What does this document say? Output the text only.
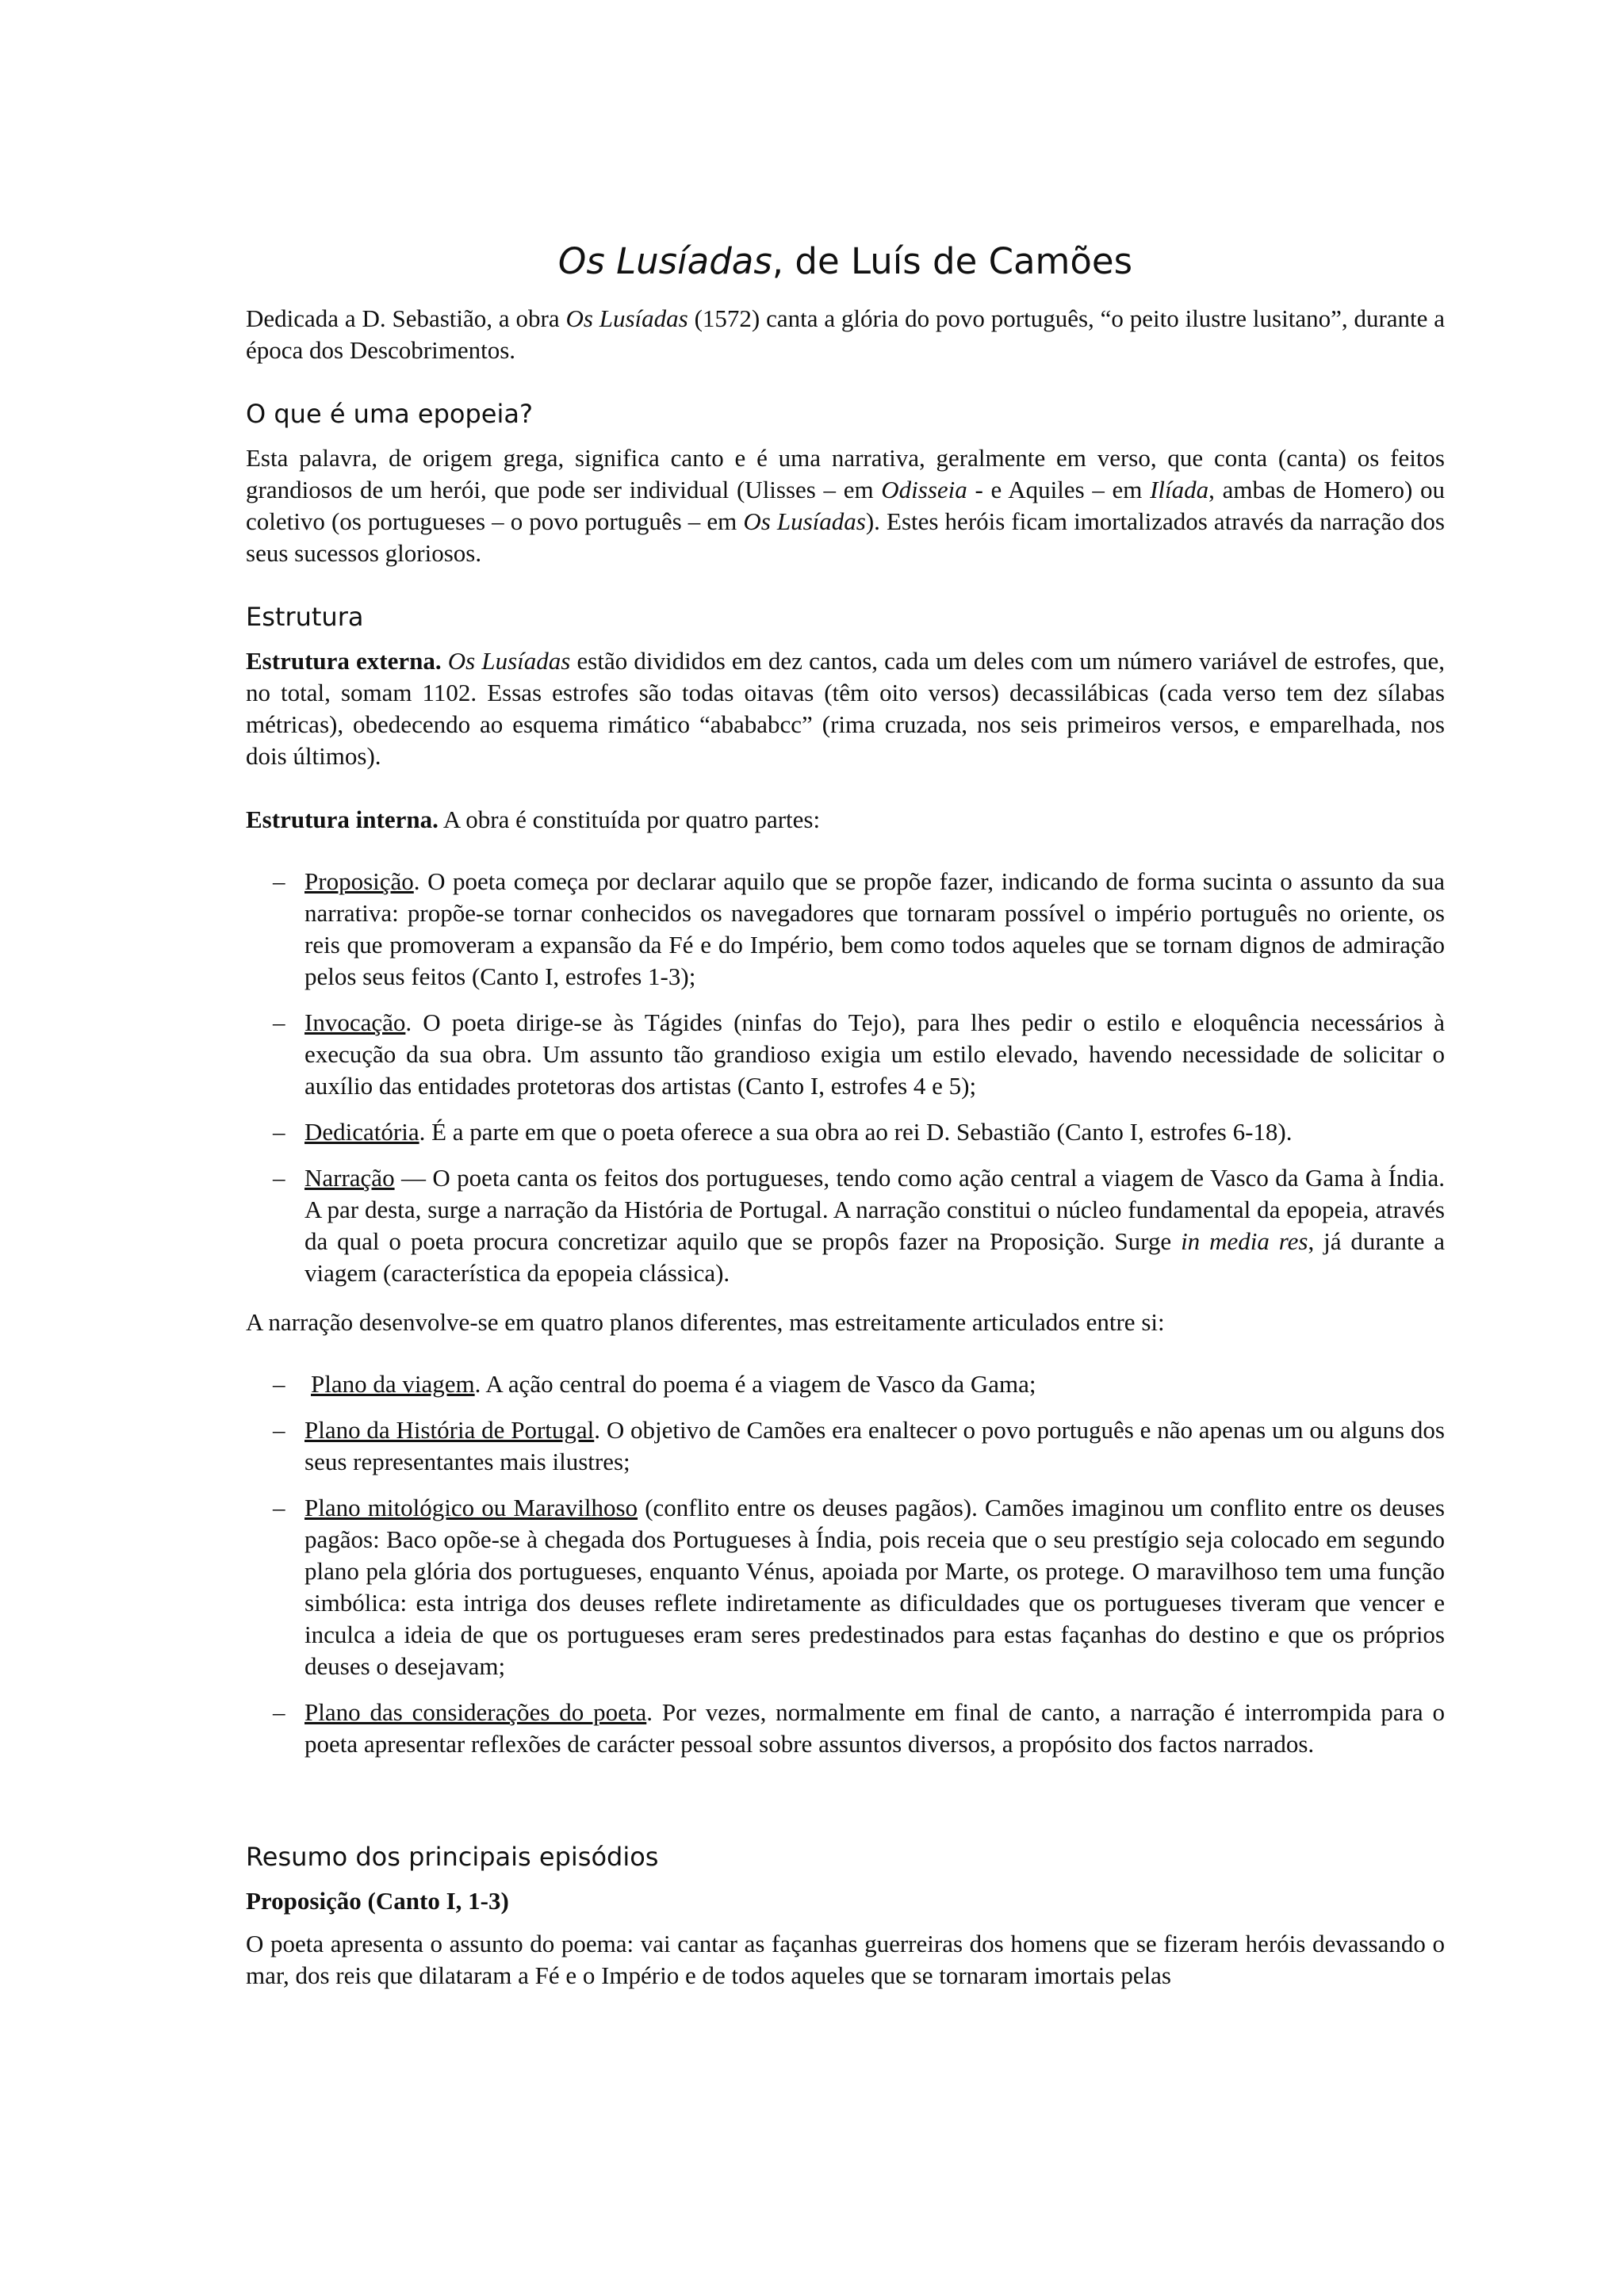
Os Lusíadas, de Luís de Camões

Dedicada a D. Sebastião, a obra Os Lusíadas (1572) canta a glória do povo português, “o peito ilustre lusitano”, durante a época dos Descobrimentos.

O que é uma epopeia?

Esta palavra, de origem grega, significa canto e é uma narrativa, geralmente em verso, que conta (canta) os feitos grandiosos de um herói, que pode ser individual (Ulisses – em Odisseia - e Aquiles – em Ilíada, ambas de Homero) ou coletivo (os portugueses – o povo português – em Os Lusíadas). Estes heróis ficam imortalizados através da narração dos seus sucessos gloriosos.

Estrutura

Estrutura externa. Os Lusíadas estão divididos em dez cantos, cada um deles com um número variável de estrofes, que, no total, somam 1102. Essas estrofes são todas oitavas (têm oito versos) decassilábicas (cada verso tem dez sílabas métricas), obedecendo ao esquema rimático “abababcc” (rima cruzada, nos seis primeiros versos, e emparelhada, nos dois últimos).

Estrutura interna. A obra é constituída por quatro partes:

– Proposição. O poeta começa por declarar aquilo que se propõe fazer, indicando de forma sucinta o assunto da sua narrativa: propõe-se tornar conhecidos os navegadores que tornaram possível o império português no oriente, os reis que promoveram a expansão da Fé e do Império, bem como todos aqueles que se tornam dignos de admiração pelos seus feitos (Canto I, estrofes 1-3);
– Invocação. O poeta dirige-se às Tágides (ninfas do Tejo), para lhes pedir o estilo e eloquência necessários à execução da sua obra. Um assunto tão grandioso exigia um estilo elevado, havendo necessidade de solicitar o auxílio das entidades protetoras dos artistas (Canto I, estrofes 4 e 5);
– Dedicatória. É a parte em que o poeta oferece a sua obra ao rei D. Sebastião (Canto I, estrofes 6-18).
– Narração — O poeta canta os feitos dos portugueses, tendo como ação central a viagem de Vasco da Gama à Índia. A par desta, surge a narração da História de Portugal. A narração constitui o núcleo fundamental da epopeia, através da qual o poeta procura concretizar aquilo que se propôs fazer na Proposição. Surge in media res, já durante a viagem (característica da epopeia clássica).

A narração desenvolve-se em quatro planos diferentes, mas estreitamente articulados entre si:

– Plano da viagem. A ação central do poema é a viagem de Vasco da Gama;
– Plano da História de Portugal. O objetivo de Camões era enaltecer o povo português e não apenas um ou alguns dos seus representantes mais ilustres;
– Plano mitológico ou Maravilhoso (conflito entre os deuses pagãos). Camões imaginou um conflito entre os deuses pagãos: Baco opõe-se à chegada dos Portugueses à Índia, pois receia que o seu prestígio seja colocado em segundo plano pela glória dos portugueses, enquanto Vénus, apoiada por Marte, os protege. O maravilhoso tem uma função simbólica: esta intriga dos deuses reflete indiretamente as dificuldades que os portugueses tiveram que vencer e inculca a ideia de que os portugueses eram seres predestinados para estas façanhas do destino e que os próprios deuses o desejavam;
– Plano das considerações do poeta. Por vezes, normalmente em final de canto, a narração é interrompida para o poeta apresentar reflexões de carácter pessoal sobre assuntos diversos, a propósito dos factos narrados.
Resumo dos principais episódios

Proposição (Canto I, 1-3)

O poeta apresenta o assunto do poema: vai cantar as façanhas guerreiras dos homens que se fizeram heróis devassando o mar, dos reis que dilataram a Fé e o Império e de todos aqueles que se tornaram imortais pelas
